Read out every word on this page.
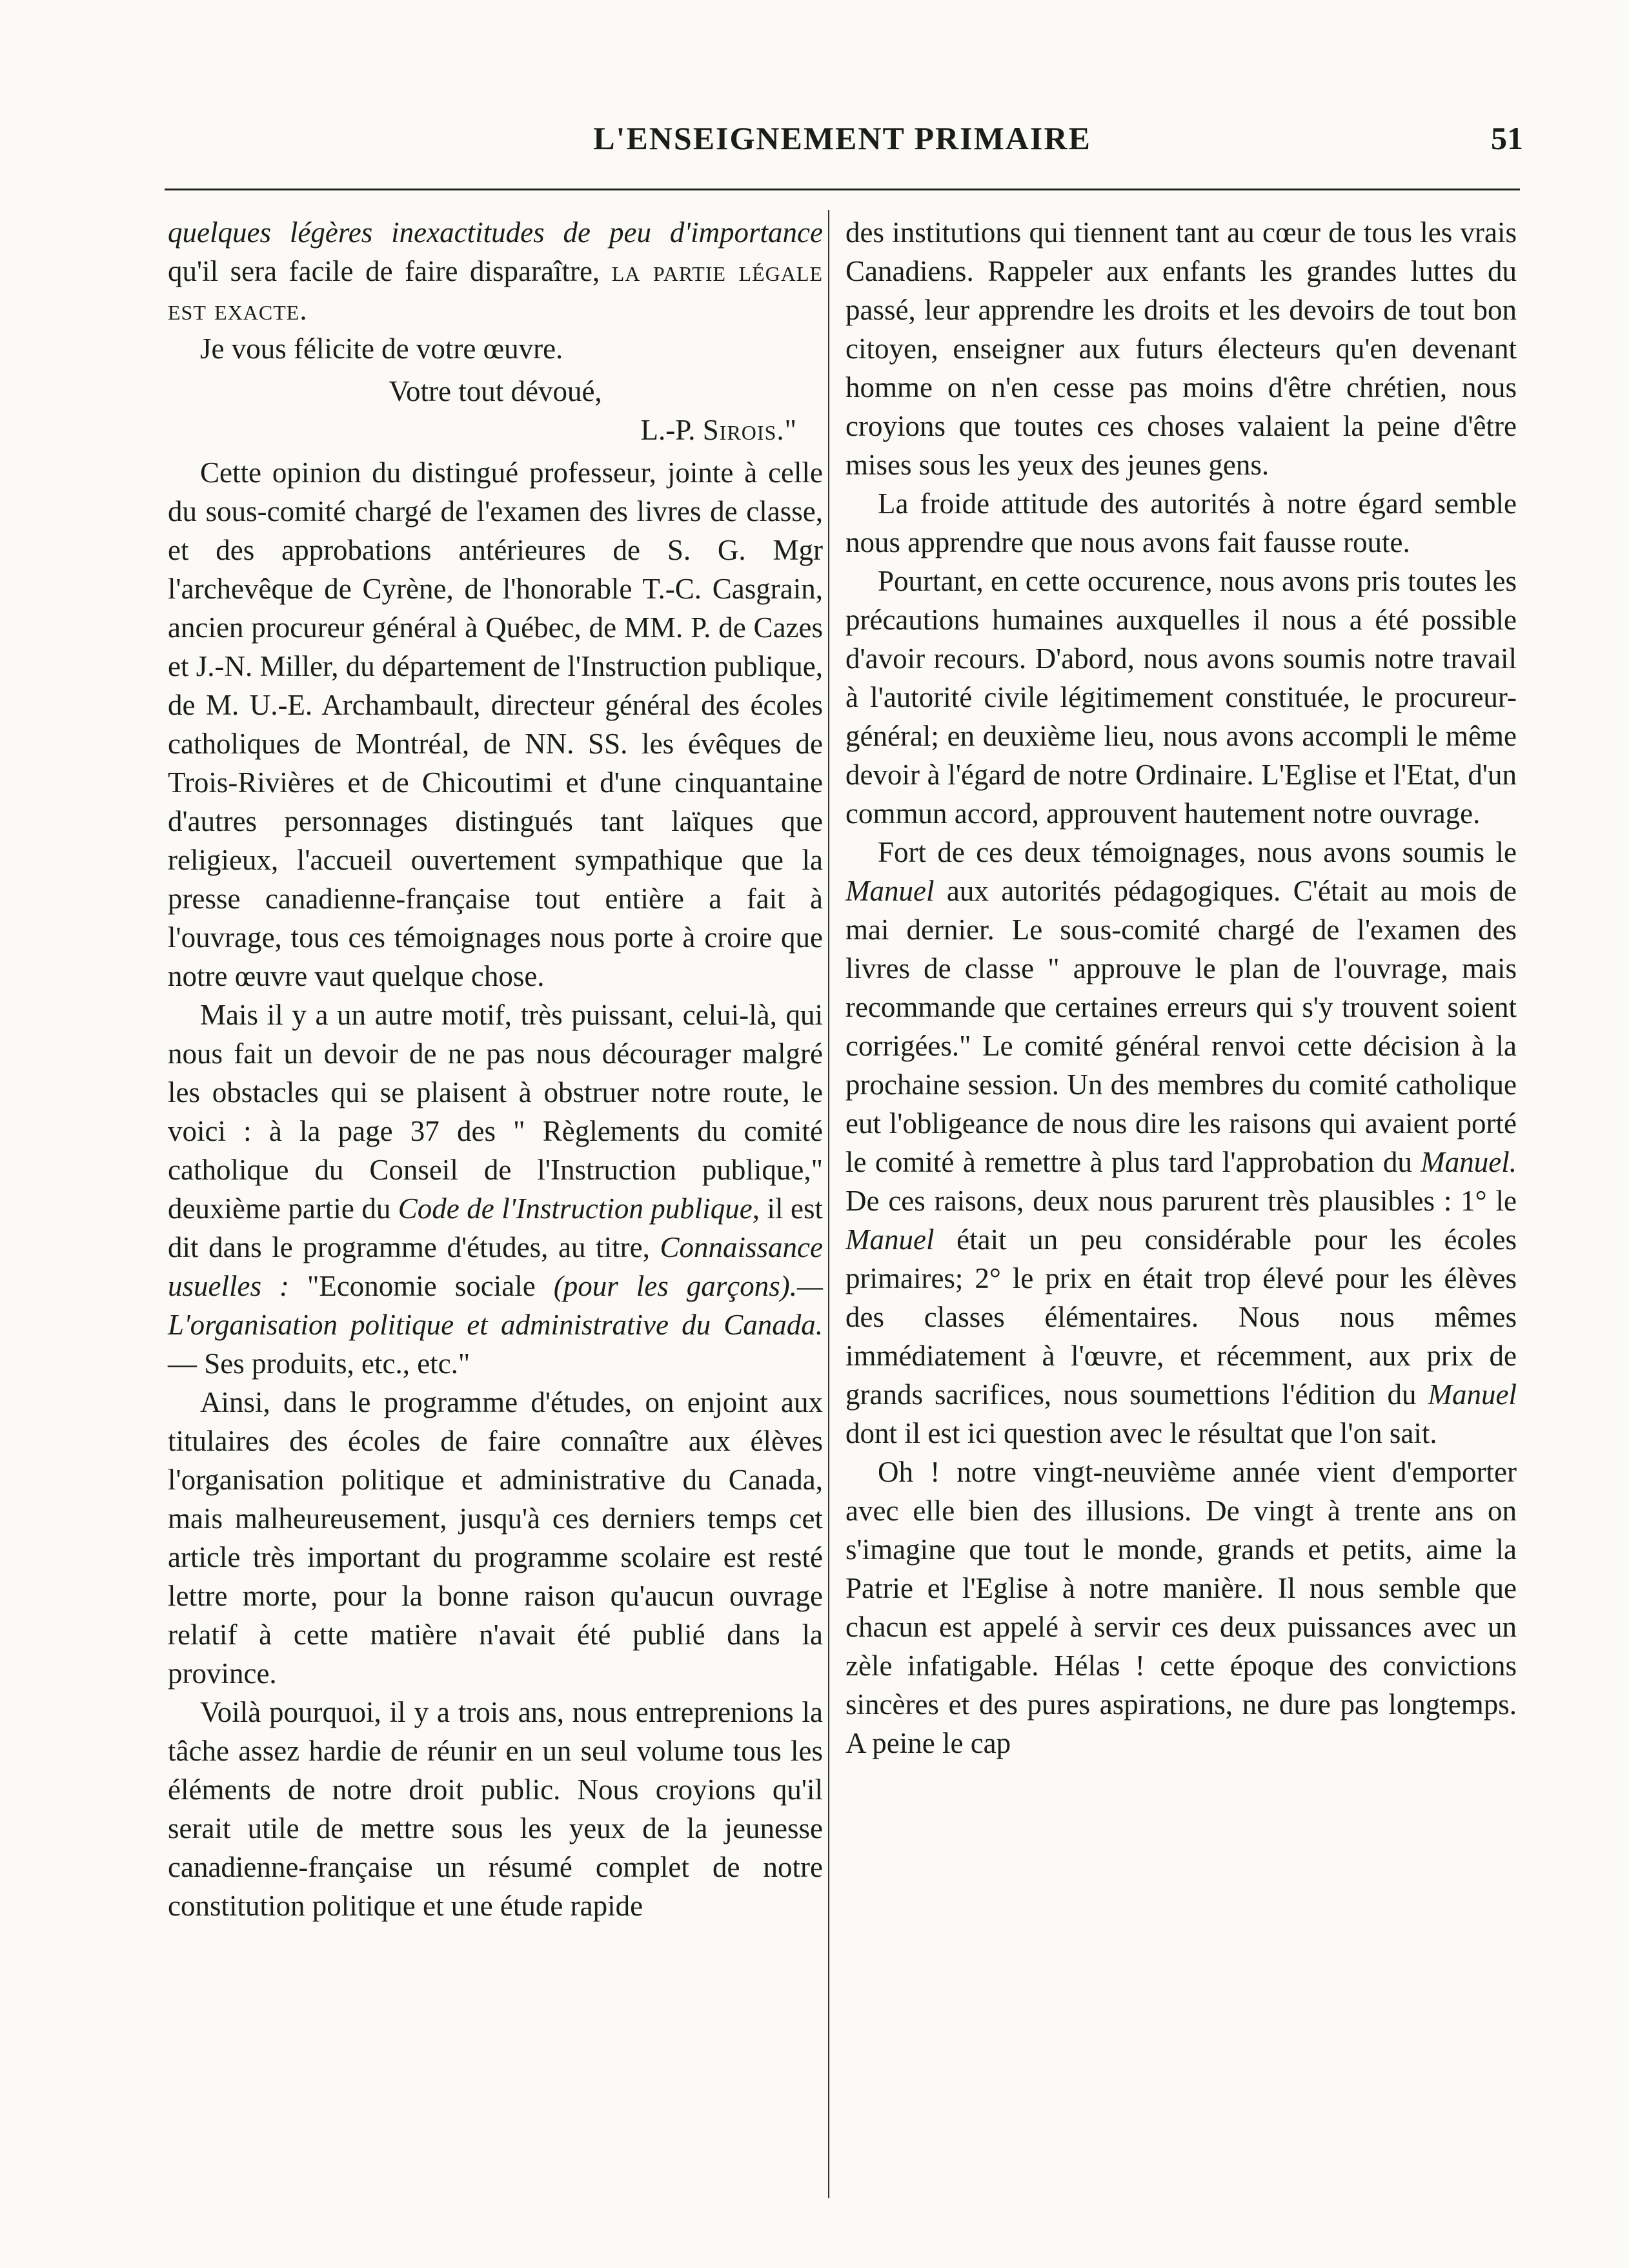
L'ENSEIGNEMENT PRIMAIRE	51

quelques légères inexactitudes de peu d'importance qu'il sera facile de faire disparaître, la partie légale est exacte.

Je vous félicite de votre œuvre.

Votre tout dévoué,

L.-P. Sirois."

Cette opinion du distingué professeur, jointe à celle du sous-comité chargé de l'examen des livres de classe, et des approbations antérieures de S. G. Mgr l'archevêque de Cyrène, de l'honorable T.-C. Casgrain, ancien procureur général à Québec, de MM. P. de Cazes et J.-N. Miller, du département de l'Instruction publique, de M. U.-E. Archambault, directeur général des écoles catholiques de Montréal, de NN. SS. les évêques de Trois-Rivières et de Chicoutimi et d'une cinquantaine d'autres personnages distingués tant laïques que religieux, l'accueil ouvertement sympathique que la presse canadienne-française tout entière a fait à l'ouvrage, tous ces témoignages nous porte à croire que notre œuvre vaut quelque chose.

Mais il y a un autre motif, très puissant, celui-là, qui nous fait un devoir de ne pas nous décourager malgré les obstacles qui se plaisent à obstruer notre route, le voici : à la page 37 des " Règlements du comité catholique du Conseil de l'Instruction publique," deuxième partie du Code de l'Instruction publique, il est dit dans le programme d'études, au titre, Connaissance usuelles : "Economie sociale (pour les garçons).—L'organisation politique et administrative du Canada.— Ses produits, etc., etc."

Ainsi, dans le programme d'études, on enjoint aux titulaires des écoles de faire connaître aux élèves l'organisation politique et administrative du Canada, mais malheureusement, jusqu'à ces derniers temps cet article très important du programme scolaire est resté lettre morte, pour la bonne raison qu'aucun ouvrage relatif à cette matière n'avait été publié dans la province.

Voilà pourquoi, il y a trois ans, nous entreprenions la tâche assez hardie de réunir en un seul volume tous les éléments de notre droit public. Nous croyions qu'il serait utile de mettre sous les yeux de la jeunesse canadienne-française un résumé complet de notre constitution politique et une étude rapide

des institutions qui tiennent tant au cœur de tous les vrais Canadiens. Rappeler aux enfants les grandes luttes du passé, leur apprendre les droits et les devoirs de tout bon citoyen, enseigner aux futurs électeurs qu'en devenant homme on n'en cesse pas moins d'être chrétien, nous croyions que toutes ces choses valaient la peine d'être mises sous les yeux des jeunes gens.

La froide attitude des autorités à notre égard semble nous apprendre que nous avons fait fausse route.

Pourtant, en cette occurence, nous avons pris toutes les précautions humaines auxquelles il nous a été possible d'avoir recours. D'abord, nous avons soumis notre travail à l'autorité civile légitimement constituée, le procureur-général; en deuxième lieu, nous avons accompli le même devoir à l'égard de notre Ordinaire. L'Eglise et l'Etat, d'un commun accord, approuvent hautement notre ouvrage.

Fort de ces deux témoignages, nous avons soumis le Manuel aux autorités pédagogiques. C'était au mois de mai dernier. Le sous-comité chargé de l'examen des livres de classe " approuve le plan de l'ouvrage, mais recommande que certaines erreurs qui s'y trouvent soient corrigées." Le comité général renvoi cette décision à la prochaine session. Un des membres du comité catholique eut l'obligeance de nous dire les raisons qui avaient porté le comité à remettre à plus tard l'approbation du Manuel. De ces raisons, deux nous parurent très plausibles : 1° le Manuel était un peu considérable pour les écoles primaires; 2° le prix en était trop élevé pour les élèves des classes élémentaires. Nous nous mêmes immédiatement à l'œuvre, et récemment, aux prix de grands sacrifices, nous soumettions l'édition du Manuel dont il est ici question avec le résultat que l'on sait.

Oh ! notre vingt-neuvième année vient d'emporter avec elle bien des illusions. De vingt à trente ans on s'imagine que tout le monde, grands et petits, aime la Patrie et l'Eglise à notre manière. Il nous semble que chacun est appelé à servir ces deux puissances avec un zèle infatigable. Hélas ! cette époque des convictions sincères et des pures aspirations, ne dure pas longtemps. A peine le cap
